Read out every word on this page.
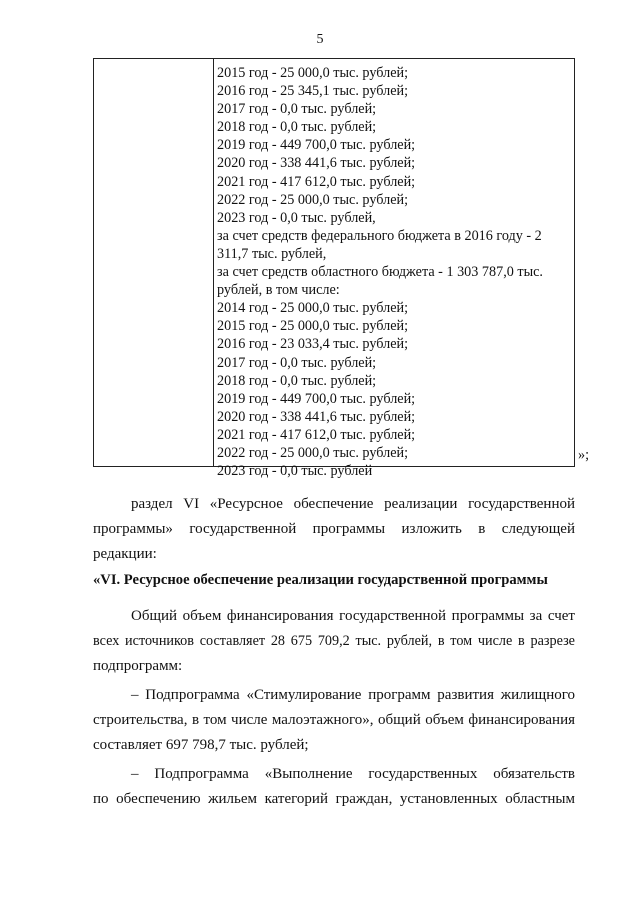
5
2015 год - 25 000,0 тыс. рублей;
2016 год - 25 345,1 тыс. рублей;
2017 год - 0,0 тыс. рублей;
2018 год - 0,0 тыс. рублей;
2019 год - 449 700,0 тыс. рублей;
2020 год - 338 441,6 тыс. рублей;
2021 год - 417 612,0 тыс. рублей;
2022 год - 25 000,0 тыс. рублей;
2023 год - 0,0 тыс. рублей,
за счет средств федерального бюджета в 2016 году - 2
311,7 тыс. рублей,
за счет средств областного бюджета - 1 303 787,0 тыс.
рублей, в том числе:
2014 год - 25 000,0 тыс. рублей;
2015 год - 25 000,0 тыс. рублей;
2016 год - 23 033,4 тыс. рублей;
2017 год - 0,0 тыс. рублей;
2018 год - 0,0 тыс. рублей;
2019 год - 449 700,0 тыс. рублей;
2020 год - 338 441,6 тыс. рублей;
2021 год - 417 612,0 тыс. рублей;
2022 год - 25 000,0 тыс. рублей;
2023 год - 0,0 тыс. рублей
»;
раздел VI «Ресурсное обеспечение реализации государственной
программы» государственной программы изложить в следующей
редакции:
«VI. Ресурсное обеспечение реализации государственной программы
Общий объем финансирования государственной программы за счет
всех источников составляет 28 675 709,2 тыс. рублей, в том числе в разрезе
подпрограмм:
– Подпрограмма «Стимулирование программ развития жилищного
строительства, в том числе малоэтажного», общий объем финансирования
составляет 697 798,7 тыс. рублей;
– Подпрограмма «Выполнение государственных обязательств
по обеспечению жильем категорий граждан, установленных областным
